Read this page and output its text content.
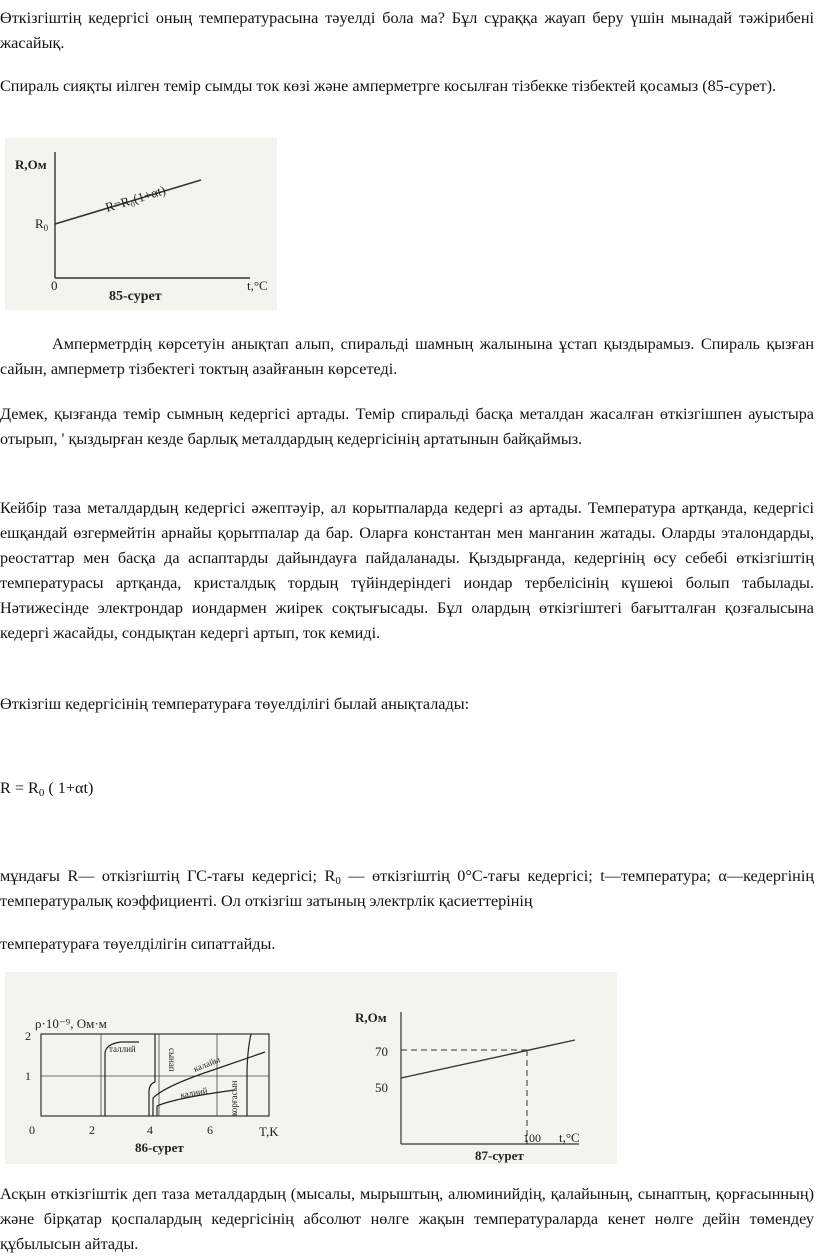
Өткізгіштің кедергісі оның температурасына тәуелді бола ма? Бұл сұраққа жауап беру үшін мынадай тәжірибені жасайық.

Спираль сияқты иілген темір сымды ток көзі және амперметрге косылған тізбекке тізбектей қосамыз (85-сурет).

R,Ом
$R_0$
R=R₀(1+αt)
0	t,°C
85-сурет

Амперметрдің көрсетуін анықтап алып, спиральді шамның жалынына ұстап қыздырамыз. Спираль қызған сайын, амперметр тізбектегі токтың азайғанын көрсетеді.

Демек, қызғанда темір сымның кедергісі артады. Темір спиральді басқа металдан жасалған өткізгішпен ауыстыра отырып, ' қыздырған кезде барлық металдардың кедергісінің артатынын байқаймыз.

Кейбір таза металдардың кедергісі әжептәуір, ал корытпаларда кедергі аз артады. Температура артқанда, кедергісі ешқандай өзгермейтін арнайы қорытпалар да бар. Оларға константан мен манганин жатады. Оларды эталондарды, реостаттар мен басқа да аспаптарды дайындауға пайдаланады. Қыздырғанда, кедергінің өсу себебі өткізгіштің температурасы артқанда, кристалдық тордың түйіндеріндегі иондар тербелісінің күшеюі болып табылады. Нәтижесінде электрондар иондармен жиірек соқтығысады. Бұл олардың өткізгіштегі бағытталған қозғалысына кедергі жасайды, сондықтан кедергі артып, ток кемиді.

Өткізгіш кедергісінің температураға төуелділігі былай анықталады:

$R = R_0$ ( 1+αt)

мұндағы R— откізгіштің ГС-тағы кедергісі; $R_0$ — өткізгіштің 0°С-тағы кедергісі; t—температура; α—кедергінің температуралық коэффициенті. Ол откізгіш затының электрлік қасиеттерінің

температураға төуелділігін сипаттайды.

ρ·10⁻⁹, Ом·м
2
1
0	2	4	6	T,K
таллий	сынап калайы
калиий корғасын
86-сурет
R,Ом
70
50
100 t,°C
87-сурет

Асқын өткізгіштік деп таза металдардың (мысалы, мырыштың, алюминийдің, қалайының, сынаптың, қорғасынның) және бірқатар қоспалардың кедергісінің абсолют нөлге жақын температураларда кенет нөлге дейін төмендеу құбылысын айтады.
